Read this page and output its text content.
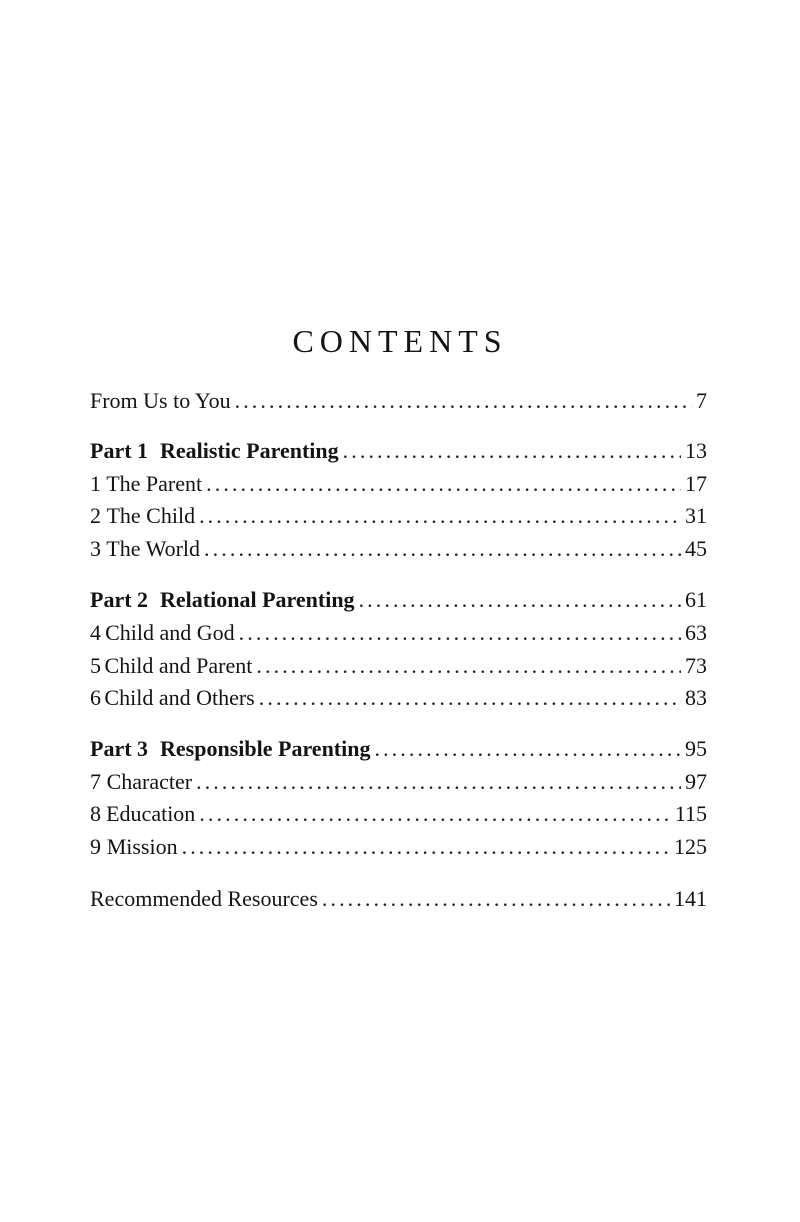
CONTENTS
From Us to You . . .	7
Part 1 Realistic Parenting . . .	13
1 The Parent . . .	17
2 The Child . . .	31
3 The World . . .	45
Part 2 Relational Parenting . . .	61
4 Child and God . . .	63
5 Child and Parent . . .	73
6 Child and Others . . .	83
Part 3 Responsible Parenting . . .	95
7 Character . . .	97
8 Education . . .	115
9 Mission . . .	125
Recommended Resources . . .	141
